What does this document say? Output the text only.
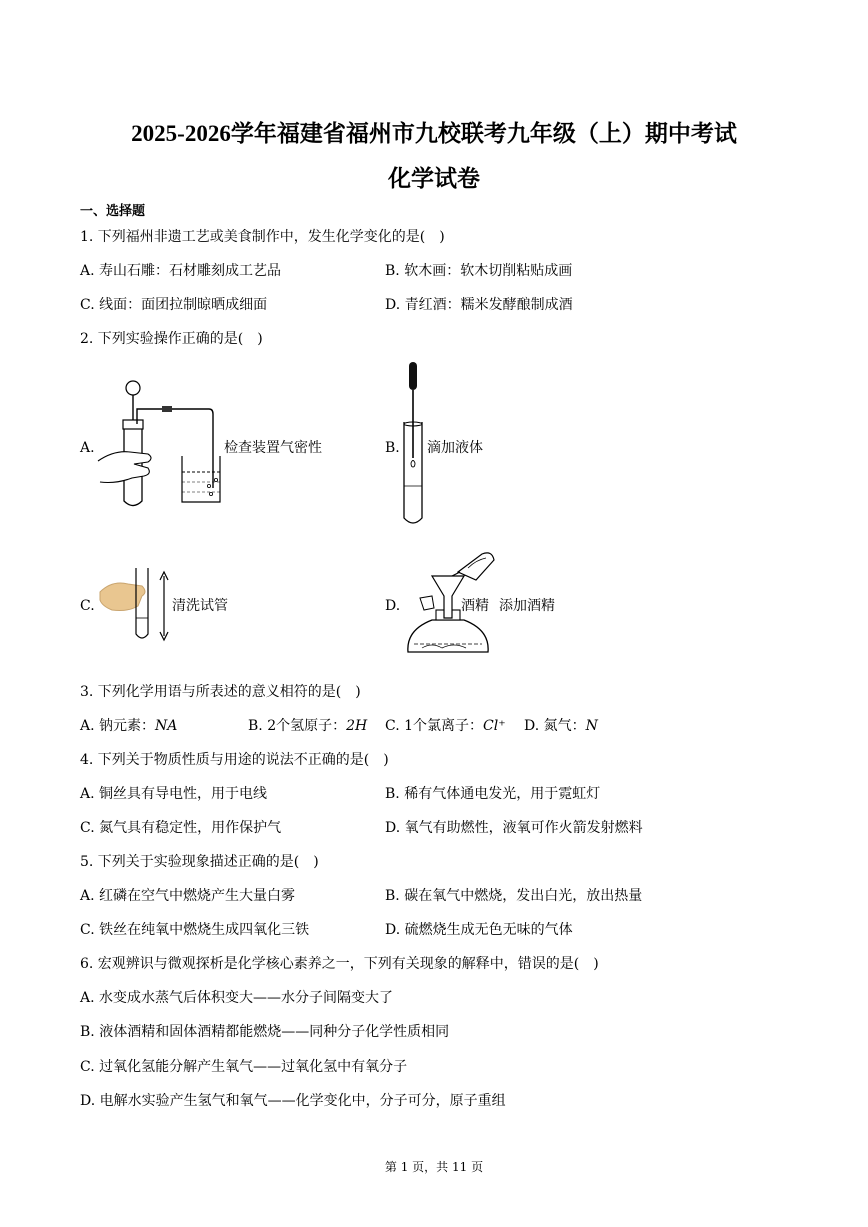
2025-2026学年福建省福州市九校联考九年级（上）期中考试
化学试卷
一、选择题
1. 下列福州非遗工艺或美食制作中，发生化学变化的是(　)
A. 寿山石雕：石材雕刻成工艺品	B. 软木画：软木切削粘贴成画
C. 线面：面团拉制晾晒成细面	D. 青红酒：糯米发酵酿制成酒
2. 下列实验操作正确的是(　)
A.	检查装置气密性	B. 滴加液体
C.	清洗试管	D.	酒精 添加酒精
3. 下列化学用语与所表述的意义相符的是(　)
A. 钠元素：NA	B. 2个氢原子：2H C. 1个氯离子：Cl⁺ D. 氮气：N
4. 下列关于物质性质与用途的说法不正确的是(　)
A. 铜丝具有导电性，用于电线	B. 稀有气体通电发光，用于霓虹灯
C. 氮气具有稳定性，用作保护气	D. 氧气有助燃性，液氧可作火箭发射燃料
5. 下列关于实验现象描述正确的是(　)
A. 红磷在空气中燃烧产生大量白雾	B. 碳在氧气中燃烧，发出白光，放出热量
C. 铁丝在纯氧中燃烧生成四氧化三铁	D. 硫燃烧生成无色无味的气体
6. 宏观辨识与微观探析是化学核心素养之一，下列有关现象的解释中，错误的是(　)
A. 水变成水蒸气后体积变大——水分子间隔变大了
B. 液体酒精和固体酒精都能燃烧——同种分子化学性质相同
C. 过氧化氢能分解产生氧气——过氧化氢中有氧分子
D. 电解水实验产生氢气和氧气——化学变化中，分子可分，原子重组
第 1 页，共 11 页
